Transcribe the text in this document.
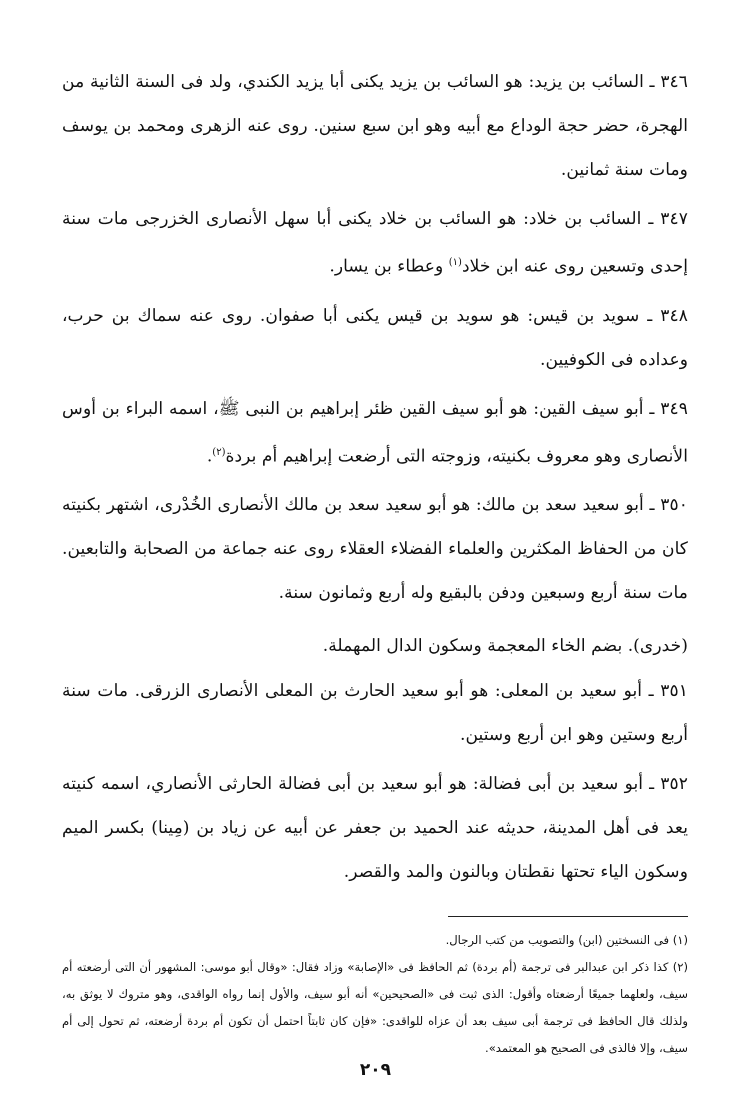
٣٤٦ ـ السائب بن يزيد: هو السائب بن يزيد يكنى أبا يزيد الكندي، ولد فى السنة الثانية من الهجرة، حضر حجة الوداع مع أبيه وهو ابن سبع سنين. روى عنه الزهرى ومحمد بن يوسف ومات سنة ثمانين.

٣٤٧ ـ السائب بن خلاد: هو السائب بن خلاد يكنى أبا سهل الأنصارى الخزرجى مات سنة إحدى وتسعين روى عنه ابن خلاد$^{(١)}$ وعطاء بن يسار.

٣٤٨ ـ سويد بن قيس: هو سويد بن قيس يكنى أبا صفوان. روى عنه سماك بن حرب، وعداده فى الكوفيين.

٣٤٩ ـ أبو سيف القين: هو أبو سيف القين ظئر إبراهيم بن النبى ﷺ، اسمه البراء بن أوس الأنصارى وهو معروف بكنيته، وزوجته التى أرضعت إبراهيم أم بردة$^{(٢)}$.

٣٥٠ ـ أبو سعيد سعد بن مالك: هو أبو سعيد سعد بن مالك الأنصارى الخُدْرى، اشتهر بكنيته كان من الحفاظ المكثرين والعلماء الفضلاء العقلاء روى عنه جماعة من الصحابة والتابعين. مات سنة أربع وسبعين ودفن بالبقيع وله أربع وثمانون سنة.

(خدرى). بضم الخاء المعجمة وسكون الدال المهملة.

٣٥١ ـ أبو سعيد بن المعلى: هو أبو سعيد الحارث بن المعلى الأنصارى الزرقى. مات سنة أربع وستين وهو ابن أربع وستين.

٣٥٢ ـ أبو سعيد بن أبى فضالة: هو أبو سعيد بن أبى فضالة الحارثى الأنصاري، اسمه كنيته يعد فى أهل المدينة، حديثه عند الحميد بن جعفر عن أبيه عن زياد بن (مِينا) بكسر الميم وسكون الياء تحتها نقطتان وبالنون والمد والقصر.

(١) فى النسختين (ابن) والتصويب من كتب الرجال.

(٢) كذا ذكر ابن عبدالبر فى ترجمة (أم بردة) ثم الحافظ فى «الإصابة» وزاد فقال: «وقال أبو موسى: المشهور أن التى أرضعته أم سيف، ولعلهما جميعًا أرضعتاه وأقول: الذى ثبت فى «الصحيحين» أنه أبو سيف، والأول إنما رواه الواقدى، وهو متروك لا يوثق به، ولذلك قال الحافظ فى ترجمة أبى سيف بعد أن عزاه للواقدى: «فإن كان ثابتاً احتمل أن تكون أم بردة أرضعته، ثم تحول إلى أم سيف، وإلا فالذى فى الصحيح هو المعتمد».

٢٠٩
